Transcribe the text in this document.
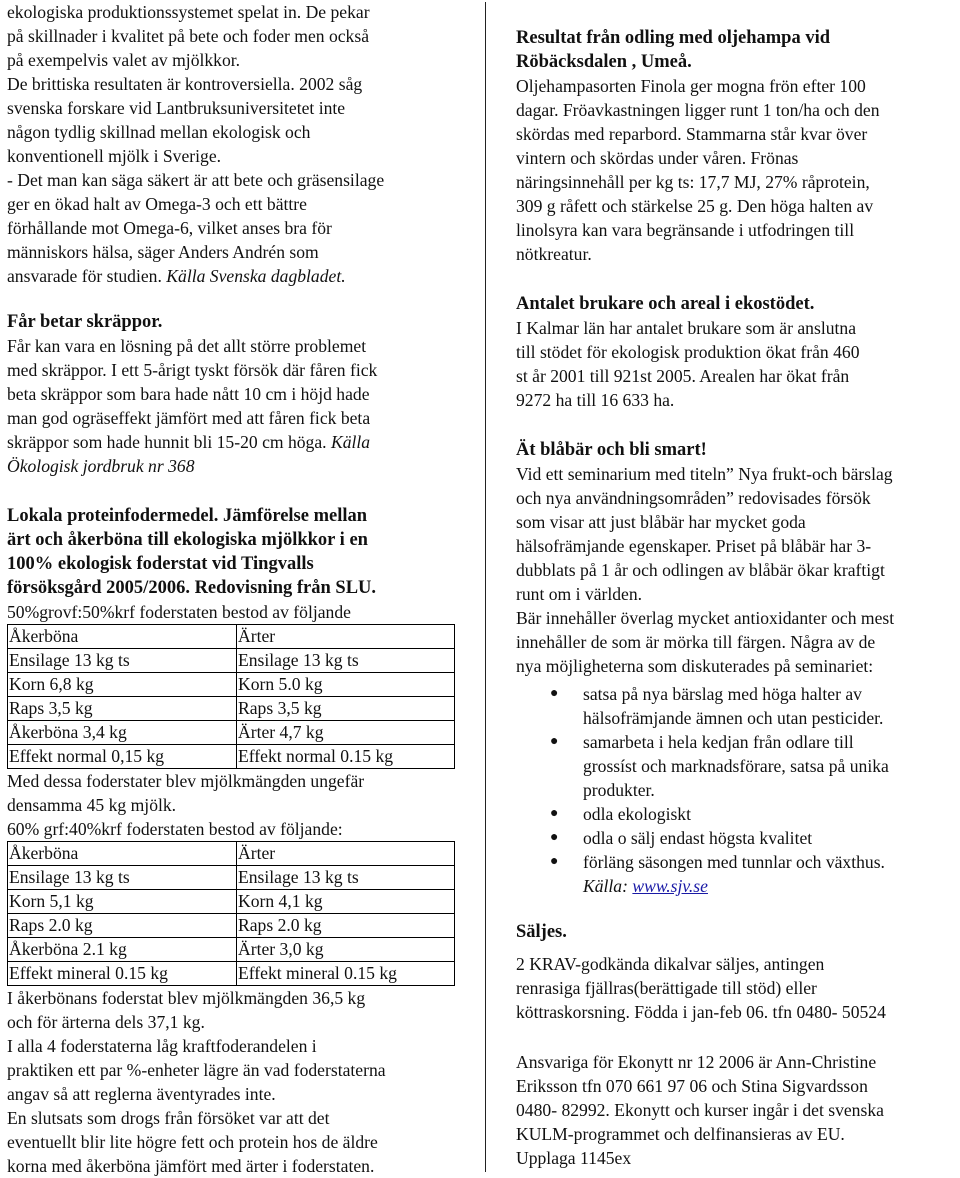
ekologiska produktionssystemet spelat in. De pekar

på skillnader i kvalitet på bete och foder men också

på exempelvis valet av mjölkkor.

De brittiska resultaten är kontroversiella. 2002 såg

svenska forskare vid Lantbruksuniversitetet inte

någon tydlig skillnad mellan ekologisk och

konventionell mjölk i Sverige.

- Det man kan säga säkert är att bete och gräsensilage

ger en ökad halt av Omega-3 och ett bättre

förhållande mot Omega-6, vilket anses bra för

människors hälsa, säger Anders Andrén som

ansvarade för studien. Källa Svenska dagbladet.

Får betar skräppor.

Får kan vara en lösning på det allt större problemet

med skräppor. I ett 5-årigt tyskt försök där fåren fick

beta skräppor som bara hade nått 10 cm i höjd hade

man god ogräseffekt jämfört med att fåren fick beta

skräppor som hade hunnit bli 15-20 cm höga. Källa

Ökologisk jordbruk nr 368

Lokala proteinfodermedel. Jämförelse mellan

ärt och åkerböna till ekologiska mjölkkor i en

100% ekologisk foderstat vid Tingvalls

försöksgård 2005/2006. Redovisning från SLU.

50%grovf:50%krf foderstaten bestod av följande

Åkerböna	Ärter
Ensilage 13 kg ts	Ensilage 13 kg ts
Korn 6,8 kg	Korn 5.0 kg
Raps 3,5 kg	Raps 3,5 kg
Åkerböna 3,4 kg	Ärter 4,7 kg
Effekt normal 0,15 kg	Effekt normal 0.15 kg

Med dessa foderstater blev mjölkmängden ungefär

densamma 45 kg mjölk.

60% grf:40%krf foderstaten bestod av följande:

Åkerböna	Ärter
Ensilage 13 kg ts	Ensilage 13 kg ts
Korn 5,1 kg	Korn 4,1 kg
Raps 2.0 kg	Raps 2.0 kg
Åkerböna 2.1 kg	Ärter 3,0 kg
Effekt mineral 0.15 kg	Effekt mineral 0.15 kg

I åkerbönans foderstat blev mjölkmängden 36,5 kg

och för ärterna dels 37,1 kg.

I alla 4 foderstaterna låg kraftfoderandelen i

praktiken ett par %-enheter lägre än vad foderstaterna

angav så att reglerna äventyrades inte.

En slutsats som drogs från försöket var att det

eventuellt blir lite högre fett och protein hos de äldre

korna med åkerböna jämfört med ärter i foderstaten.

Resultat från odling med oljehampa vid

Röbäcksdalen , Umeå.

Oljehampasorten Finola ger mogna frön efter 100

dagar. Fröavkastningen ligger runt 1 ton/ha och den

skördas med reparbord. Stammarna står kvar över

vintern och skördas under våren. Frönas

näringsinnehåll per kg ts: 17,7 MJ, 27% råprotein,

309 g råfett och stärkelse 25 g. Den höga halten av

linolsyra kan vara begränsande i utfodringen till

nötkreatur.

Antalet brukare och areal i ekostödet.

I Kalmar län har antalet brukare som är anslutna

till stödet för ekologisk produktion ökat från 460

st år 2001 till 921st 2005. Arealen har ökat från

9272 ha till 16 633 ha.

Ät blåbär och bli smart!

Vid ett seminarium med titeln” Nya frukt-och bärslag

och nya användningsområden” redovisades försök

som visar att just blåbär har mycket goda

hälsofrämjande egenskaper. Priset på blåbär har 3-

dubblats på 1 år och odlingen av blåbär ökar kraftigt

runt om i världen.

Bär innehåller överlag mycket antioxidanter och mest

innehåller de som är mörka till färgen. Några av de

nya möjligheterna som diskuterades på seminariet:

● satsa på nya bärslag med höga halter av

hälsofrämjande ämnen och utan pesticider.

● samarbeta i hela kedjan från odlare till

grossíst och marknadsförare, satsa på unika

produkter.

● odla ekologiskt

● odla o sälj endast högsta kvalitet

● förläng säsongen med tunnlar och växthus.

Källa: www.sjv.se

Säljes.

2 KRAV-godkända dikalvar säljes, antingen

renrasiga fjällras(berättigade till stöd) eller

köttraskorsning. Födda i jan-feb 06. tfn 0480- 50524

Ansvariga för Ekonytt nr 12 2006 är Ann-Christine

Eriksson tfn 070 661 97 06 och Stina Sigvardsson

0480- 82992. Ekonytt och kurser ingår i det svenska

KULM-programmet och delfinansieras av EU.

Upplaga 1145ex
